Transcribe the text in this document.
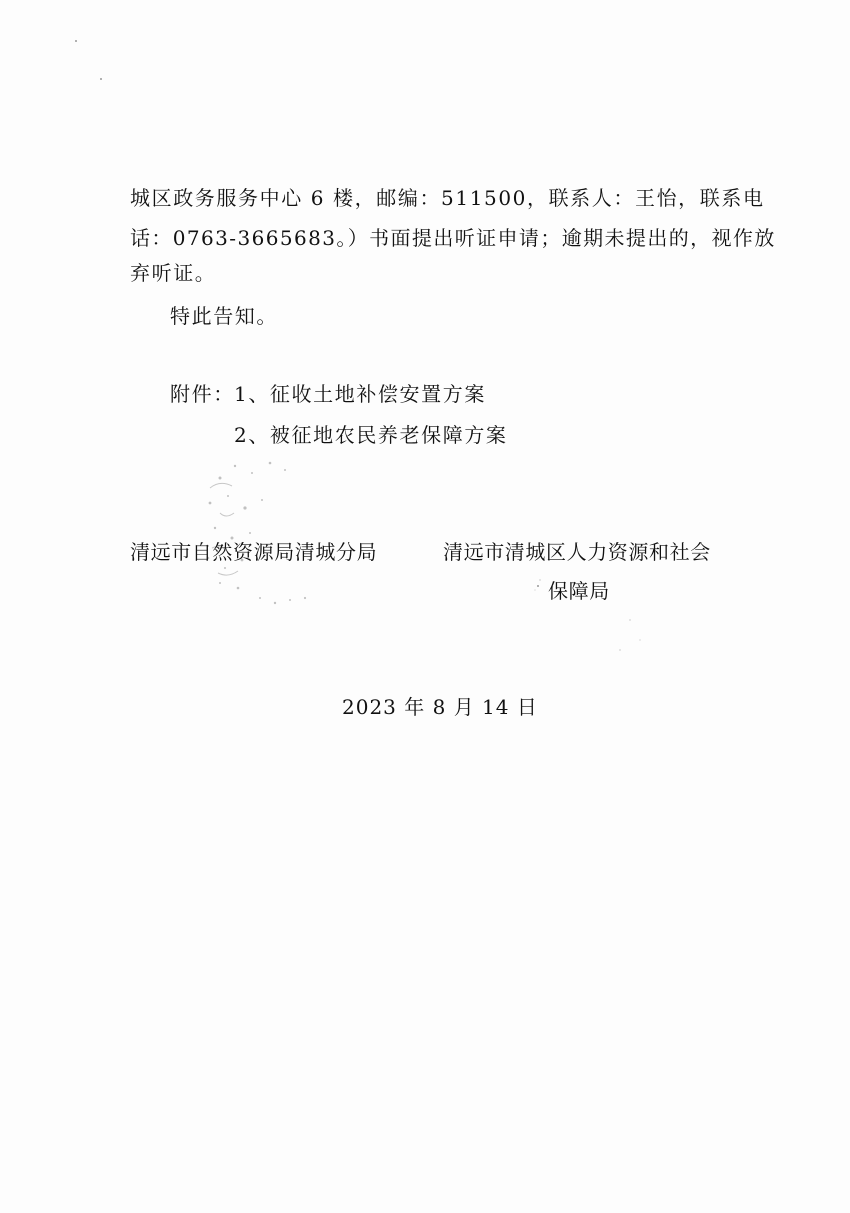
城区政务服务中心 6 楼，邮编：511500，联系人：王怡，联系电
话：0763-3665683。）书面提出听证申请；逾期未提出的，视作放
弃听证。
特此告知。
附件： 1、征收土地补偿安置方案
2、被征地农民养老保障方案
清远市自然资源局清城分局	清远市清城区人力资源和社会
保障局
2023 年 8 月 14 日
